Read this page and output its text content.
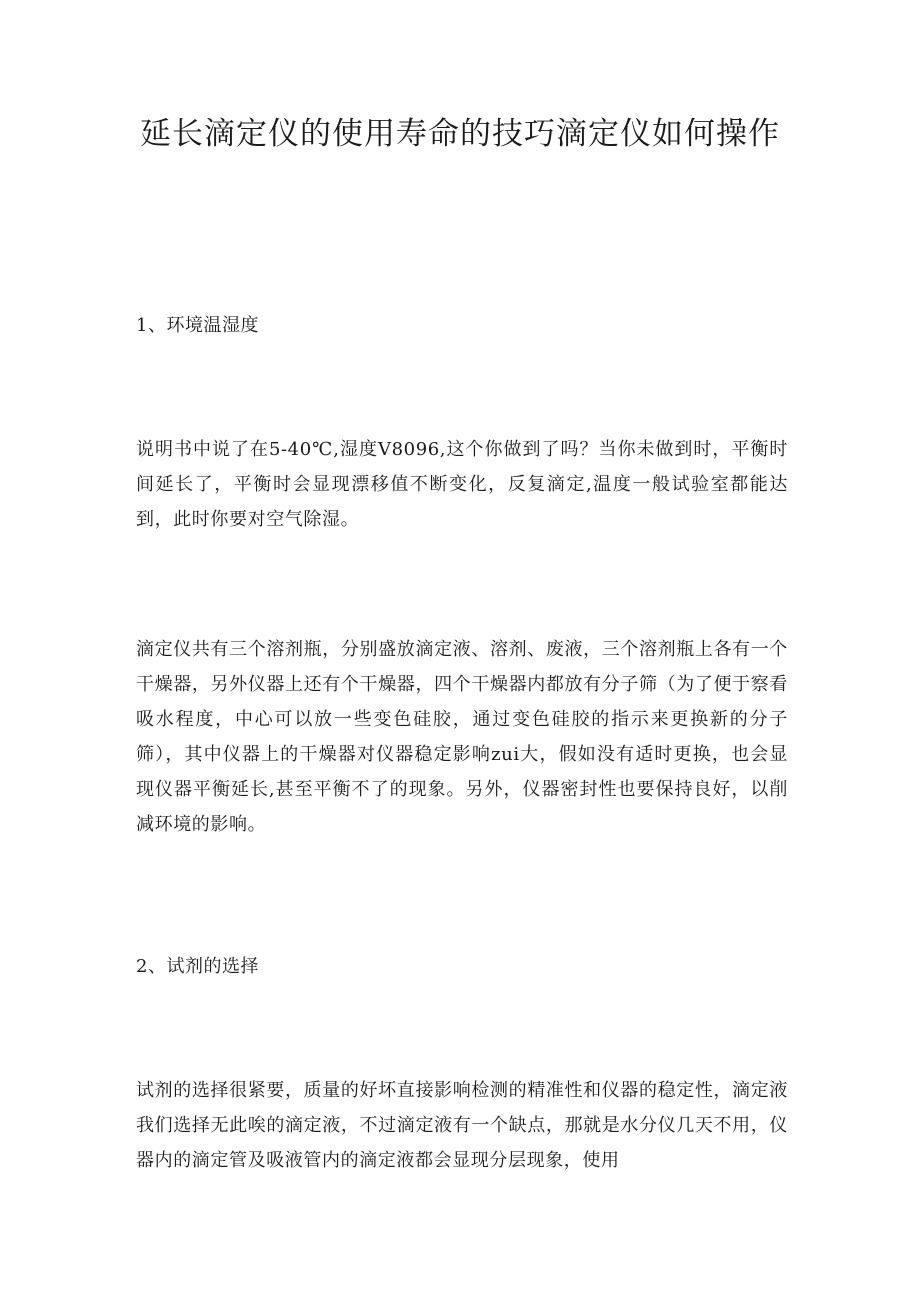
延长滴定仪的使用寿命的技巧滴定仪如何操作
1、环境温湿度

说明书中说了在5-40℃,湿度V8096,这个你做到了吗？当你未做到时，平衡时间延长了，平衡时会显现漂移值不断变化，反复滴定,温度一般试验室都能达到，此时你要对空气除湿。

滴定仪共有三个溶剂瓶，分别盛放滴定液、溶剂、废液，三个溶剂瓶上各有一个干燥器，另外仪器上还有个干燥器，四个干燥器内都放有分子筛（为了便于察看吸水程度，中心可以放一些变色硅胶，通过变色硅胶的指示来更换新的分子筛），其中仪器上的干燥器对仪器稳定影响zui大，假如没有适时更换，也会显现仪器平衡延长,甚至平衡不了的现象。另外，仪器密封性也要保持良好，以削减环境的影响。

2、试剂的选择

试剂的选择很紧要，质量的好坏直接影响检测的精准性和仪器的稳定性，滴定液我们选择无此唉的滴定液，不过滴定液有一个缺点，那就是水分仪几天不用，仪器内的滴定管及吸液管内的滴定液都会显现分层现象，使用
